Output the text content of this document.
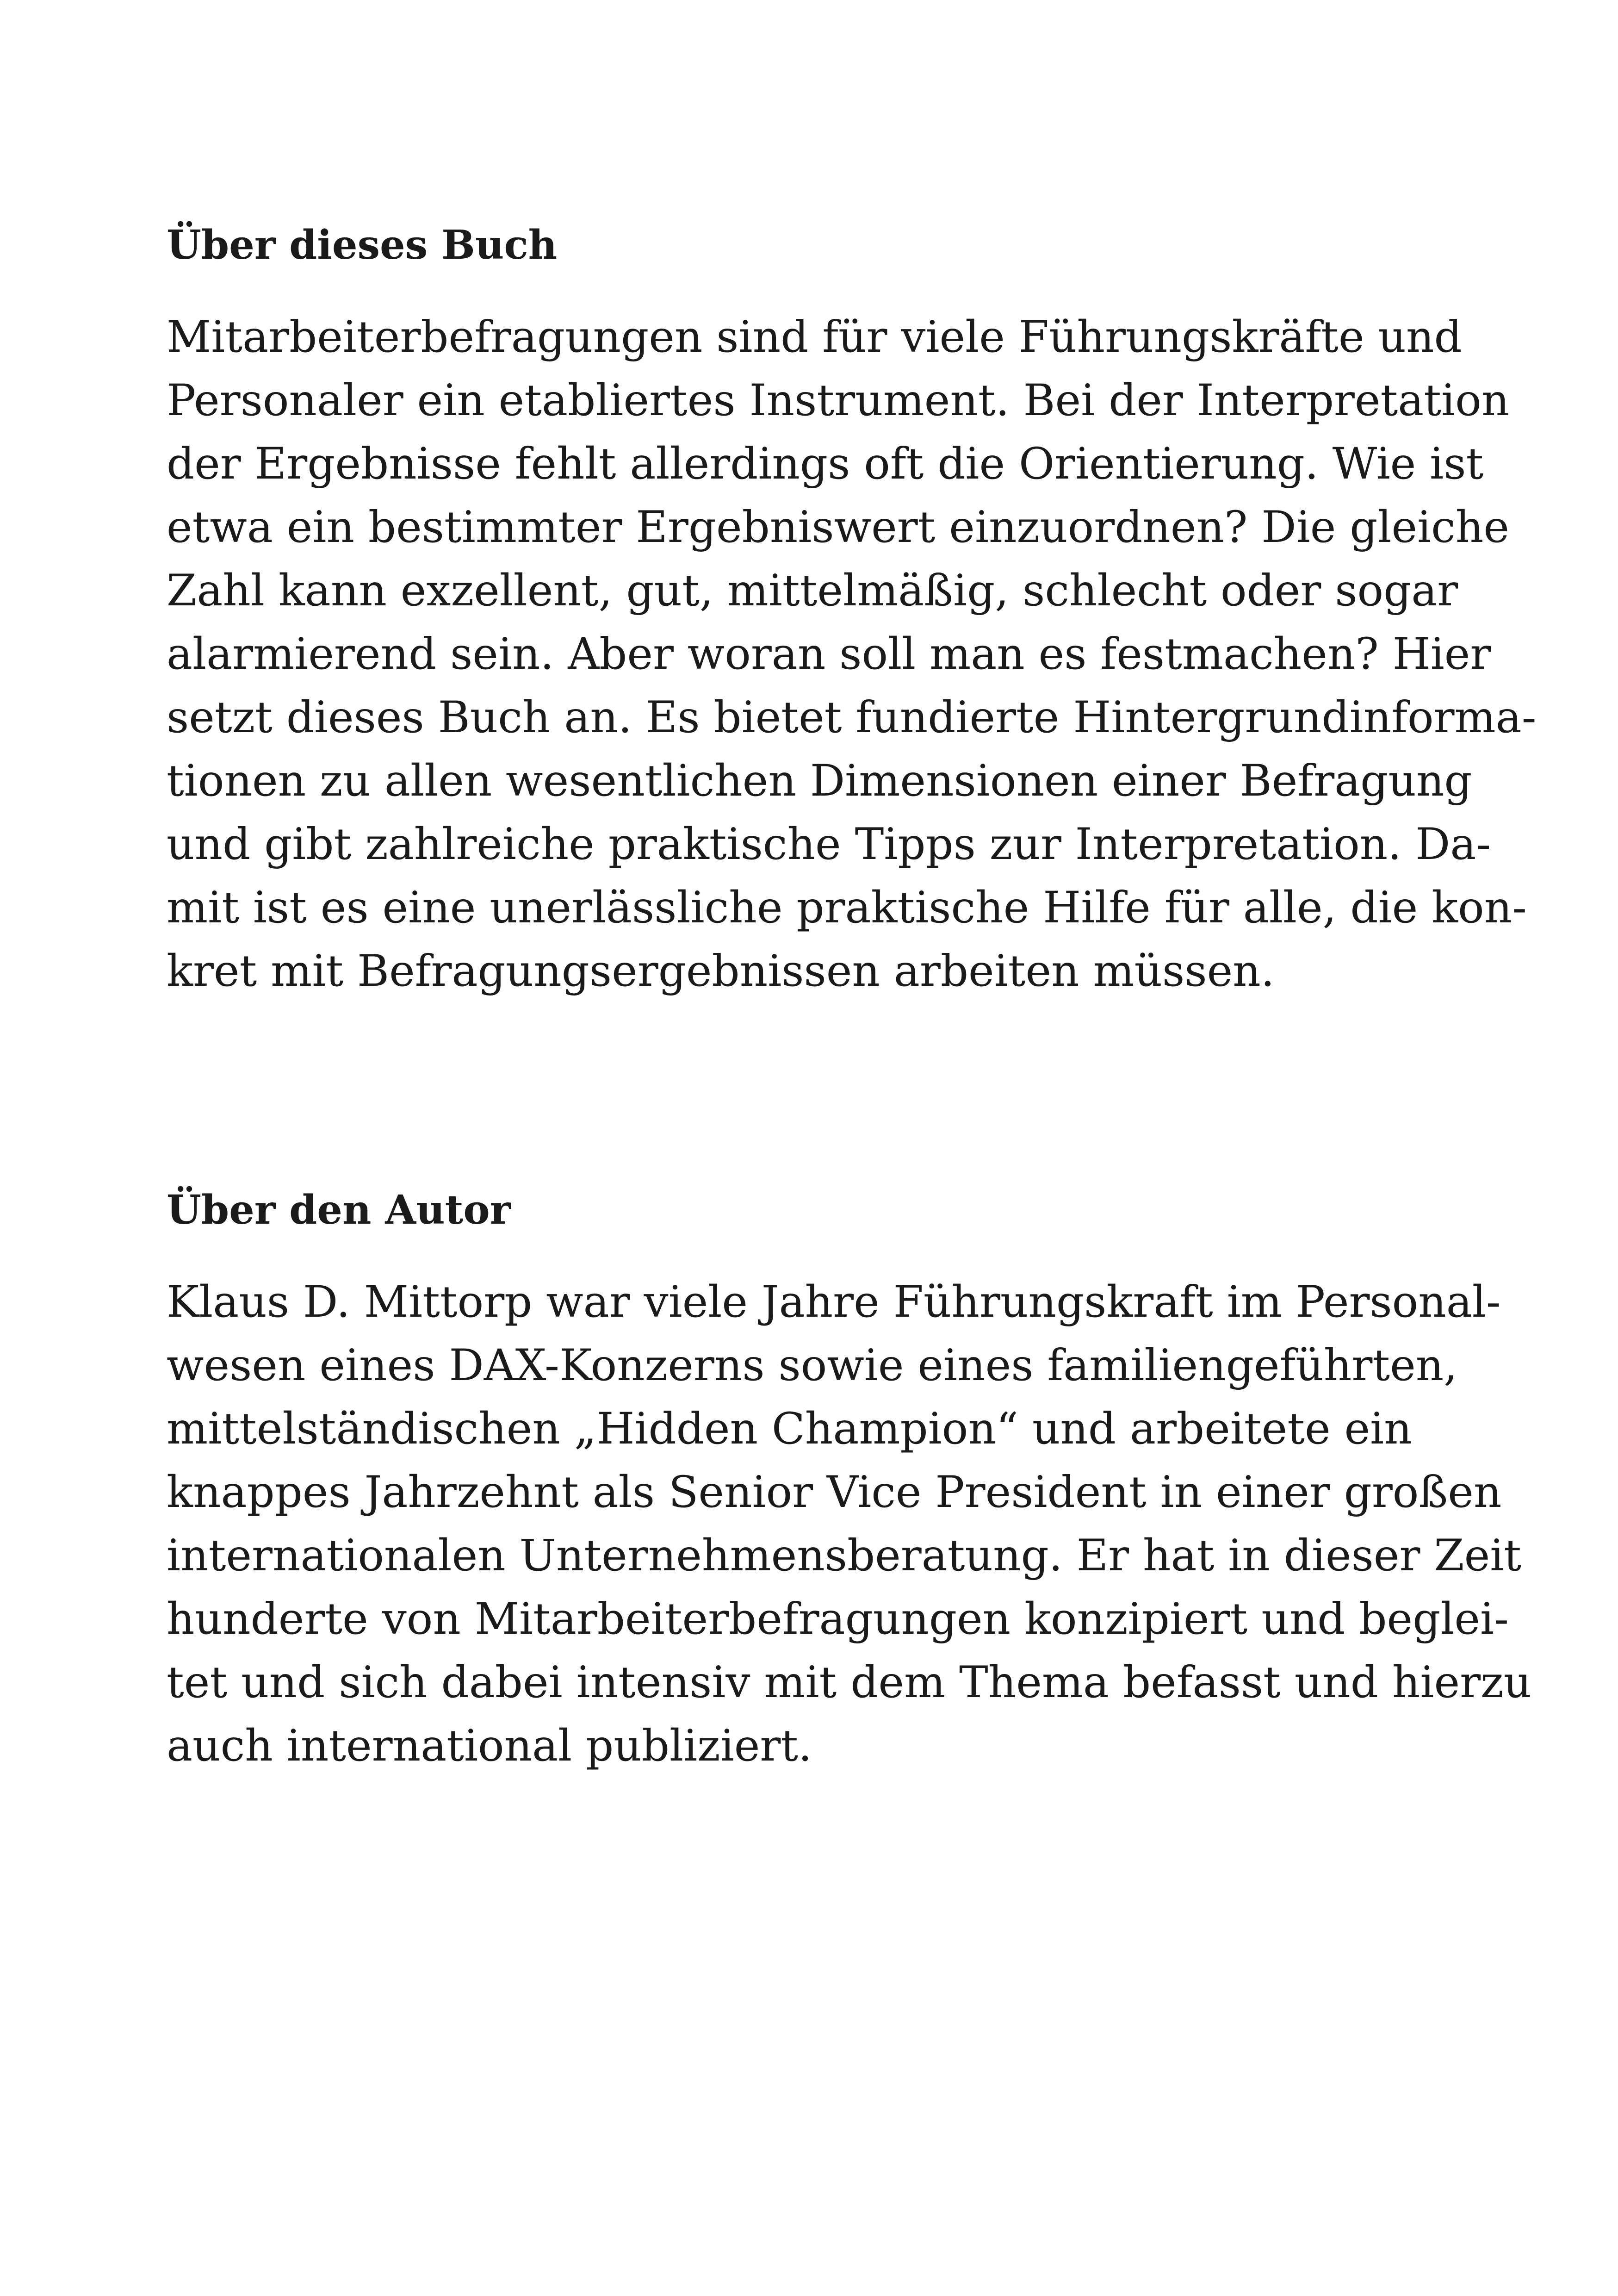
Über dieses Buch
Mitarbeiterbefragungen sind für viele Führungskräfte und
Personaler ein etabliertes Instrument. Bei der Interpretation
der Ergebnisse fehlt allerdings oft die Orientierung. Wie ist
etwa ein bestimmter Ergebniswert einzuordnen? Die gleiche
Zahl kann exzellent, gut, mittelmäßig, schlecht oder sogar
alarmierend sein. Aber woran soll man es festmachen? Hier
setzt dieses Buch an. Es bietet fundierte Hintergrundinforma-
tionen zu allen wesentlichen Dimensionen einer Befragung
und gibt zahlreiche praktische Tipps zur Interpretation. Da-
mit ist es eine unerlässliche praktische Hilfe für alle, die kon-
kret mit Befragungsergebnissen arbeiten müssen.
Über den Autor
Klaus D. Mittorp war viele Jahre Führungskraft im Personal-
wesen eines DAX-Konzerns sowie eines familiengeführten,
mittelständischen „Hidden Champion“ und arbeitete ein
knappes Jahrzehnt als Senior Vice President in einer großen
internationalen Unternehmensberatung. Er hat in dieser Zeit
hunderte von Mitarbeiterbefragungen konzipiert und beglei-
tet und sich dabei intensiv mit dem Thema befasst und hierzu
auch international publiziert.
